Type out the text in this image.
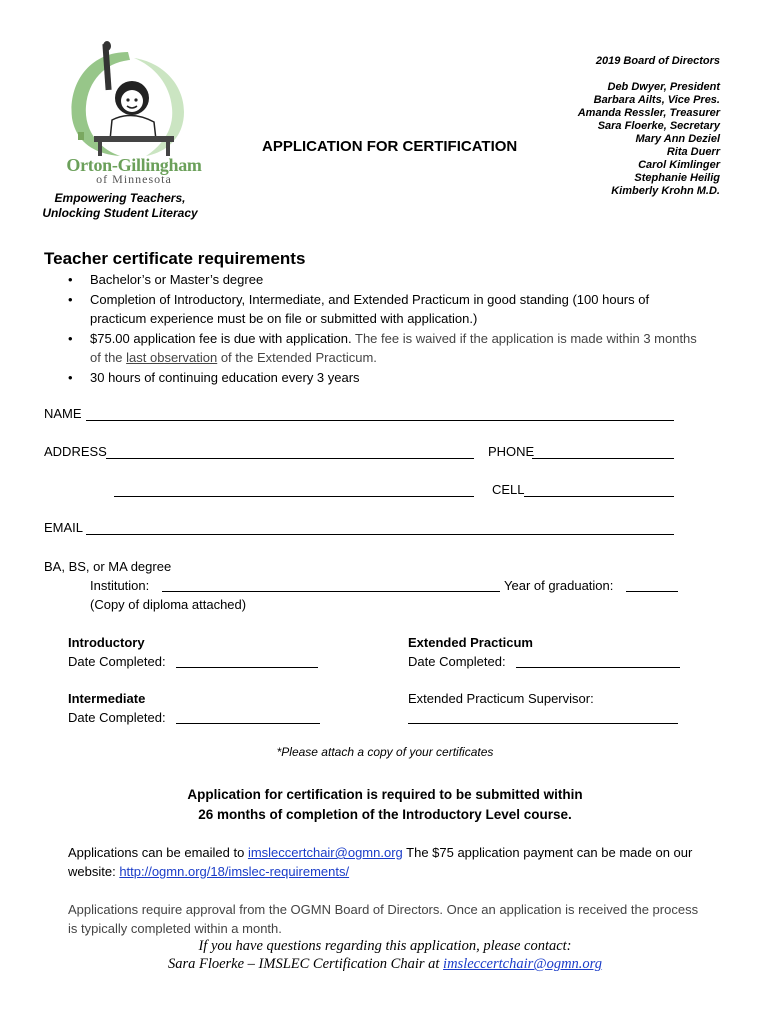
Orton-Gillingham
of Minnesota
Empowering Teachers,
Unlocking Student Literacy
APPLICATION FOR CERTIFICATION
2019 Board of Directors
Deb Dwyer, President
Barbara Ailts, Vice Pres.
Amanda Ressler, Treasurer
Sara Floerke, Secretary
Mary Ann Deziel
Rita Duerr
Carol Kimlinger
Stephanie Heilig
Kimberly Krohn M.D.
Teacher certificate requirements
• Bachelor’s or Master’s degree
• Completion of Introductory, Intermediate, and Extended Practicum in good standing (100 hours of practicum experience must be on file or submitted with application.)
• $75.00 application fee is due with application. The fee is waived if the application is made within 3 months of the last observation of the Extended Practicum.
• 30 hours of continuing education every 3 years
NAME
ADDRESS	PHONE
CELL
EMAIL
BA, BS, or MA degree
Institution:	Year of graduation:
(Copy of diploma attached)
Introductory
Date Completed:
Extended Practicum
Date Completed:
Intermediate
Date Completed:
Extended Practicum Supervisor:
*Please attach a copy of your certificates
Application for certification is required to be submitted within
26 months of completion of the Introductory Level course.
Applications can be emailed to imsleccertchair@ogmn.org The $75 application payment can be made on our website: http://ogmn.org/18/imslec-requirements/
Applications require approval from the OGMN Board of Directors. Once an application is received the process is typically completed within a month.
If you have questions regarding this application, please contact:
Sara Floerke – IMSLEC Certification Chair at imsleccertchair@ogmn.org
